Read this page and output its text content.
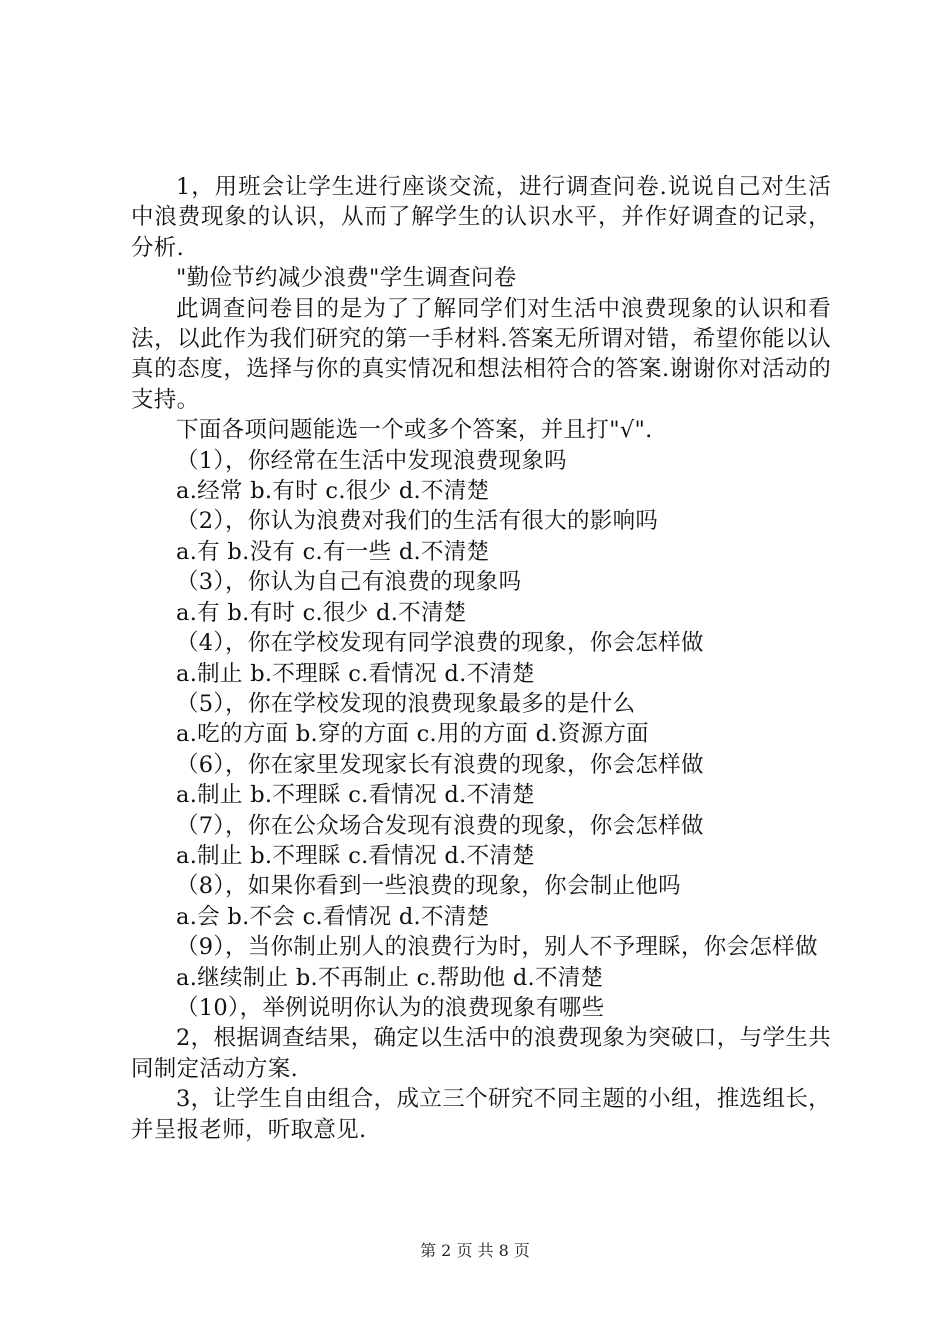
1，用班会让学生进行座谈交流，进行调查问卷.说说自己对生活中浪费现象的认识，从而了解学生的认识水平，并作好调查的记录，分析.

"勤俭节约减少浪费"学生调查问卷

此调查问卷目的是为了了解同学们对生活中浪费现象的认识和看法，以此作为我们研究的第一手材料.答案无所谓对错，希望你能以认真的态度，选择与你的真实情况和想法相符合的答案.谢谢你对活动的支持。

下面各项问题能选一个或多个答案，并且打"√".

（1），你经常在生活中发现浪费现象吗

a.经常 b.有时 c.很少 d.不清楚

（2），你认为浪费对我们的生活有很大的影响吗

a.有 b.没有 c.有一些 d.不清楚

（3），你认为自己有浪费的现象吗

a.有 b.有时 c.很少 d.不清楚

（4），你在学校发现有同学浪费的现象，你会怎样做

a.制止 b.不理睬 c.看情况 d.不清楚

（5），你在学校发现的浪费现象最多的是什么

a.吃的方面 b.穿的方面 c.用的方面 d.资源方面

（6），你在家里发现家长有浪费的现象，你会怎样做

a.制止 b.不理睬 c.看情况 d.不清楚

（7），你在公众场合发现有浪费的现象，你会怎样做

a.制止 b.不理睬 c.看情况 d.不清楚

（8），如果你看到一些浪费的现象，你会制止他吗

a.会 b.不会 c.看情况 d.不清楚

（9），当你制止别人的浪费行为时，别人不予理睬，你会怎样做

a.继续制止 b.不再制止 c.帮助他 d.不清楚

（10），举例说明你认为的浪费现象有哪些

2，根据调查结果，确定以生活中的浪费现象为突破口，与学生共同制定活动方案.

3，让学生自由组合，成立三个研究不同主题的小组，推选组长，并呈报老师，听取意见.

第 2 页 共 8 页
